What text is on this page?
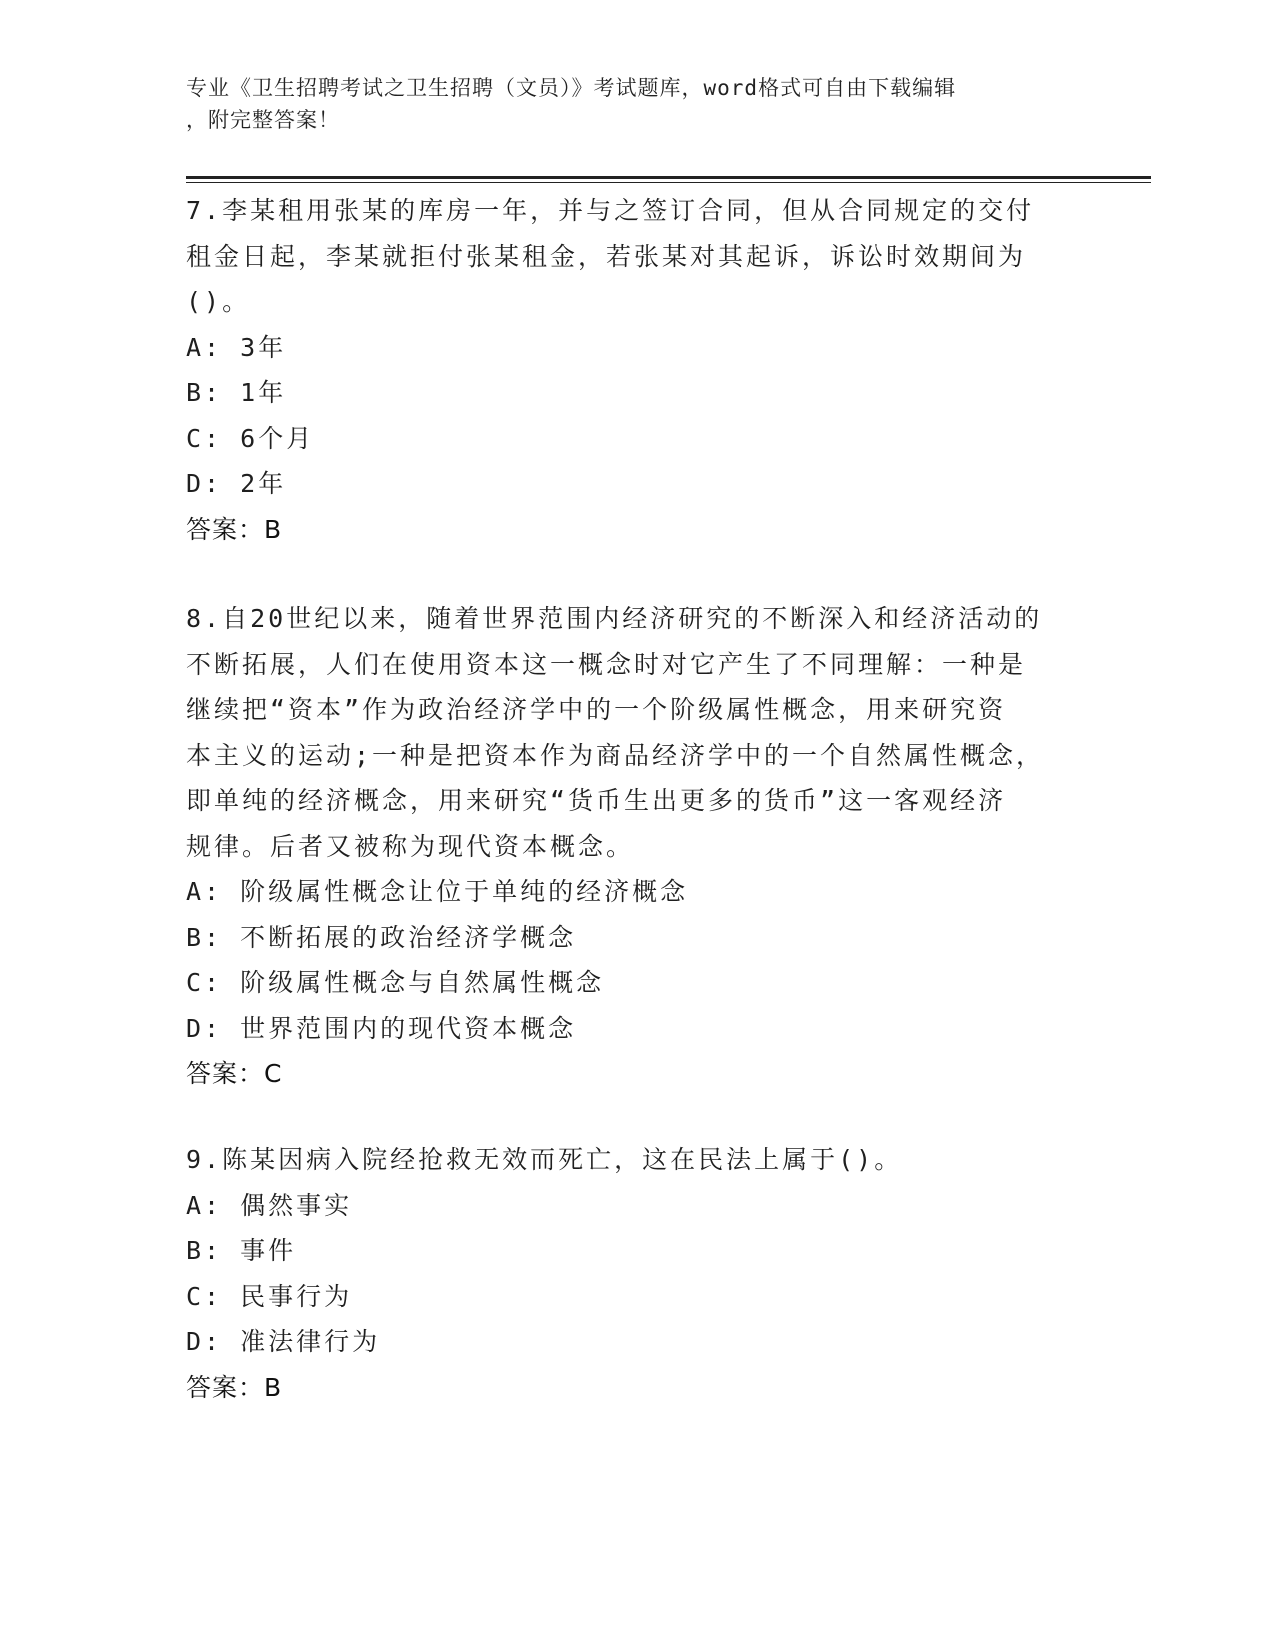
专业《卫生招聘考试之卫生招聘（文员）》考试题库，word格式可自由下载编辑
，附完整答案！

7.李某租用张某的库房一年，并与之签订合同，但从合同规定的交付

租金日起，李某就拒付张某租金，若张某对其起诉，诉讼时效期间为

()。

A: 3年

B: 1年

C: 6个月

D: 2年

答案：B

8.自20世纪以来，随着世界范围内经济研究的不断深入和经济活动的

不断拓展，人们在使用资本这一概念时对它产生了不同理解：一种是

继续把“资本”作为政治经济学中的一个阶级属性概念，用来研究资

本主义的运动;一种是把资本作为商品经济学中的一个自然属性概念，

即单纯的经济概念，用来研究“货币生出更多的货币”这一客观经济

规律。后者又被称为现代资本概念。

A: 阶级属性概念让位于单纯的经济概念

B: 不断拓展的政治经济学概念

C: 阶级属性概念与自然属性概念

D: 世界范围内的现代资本概念

答案：C

9.陈某因病入院经抢救无效而死亡，这在民法上属于()。

A: 偶然事实

B: 事件

C: 民事行为

D: 准法律行为

答案：B
